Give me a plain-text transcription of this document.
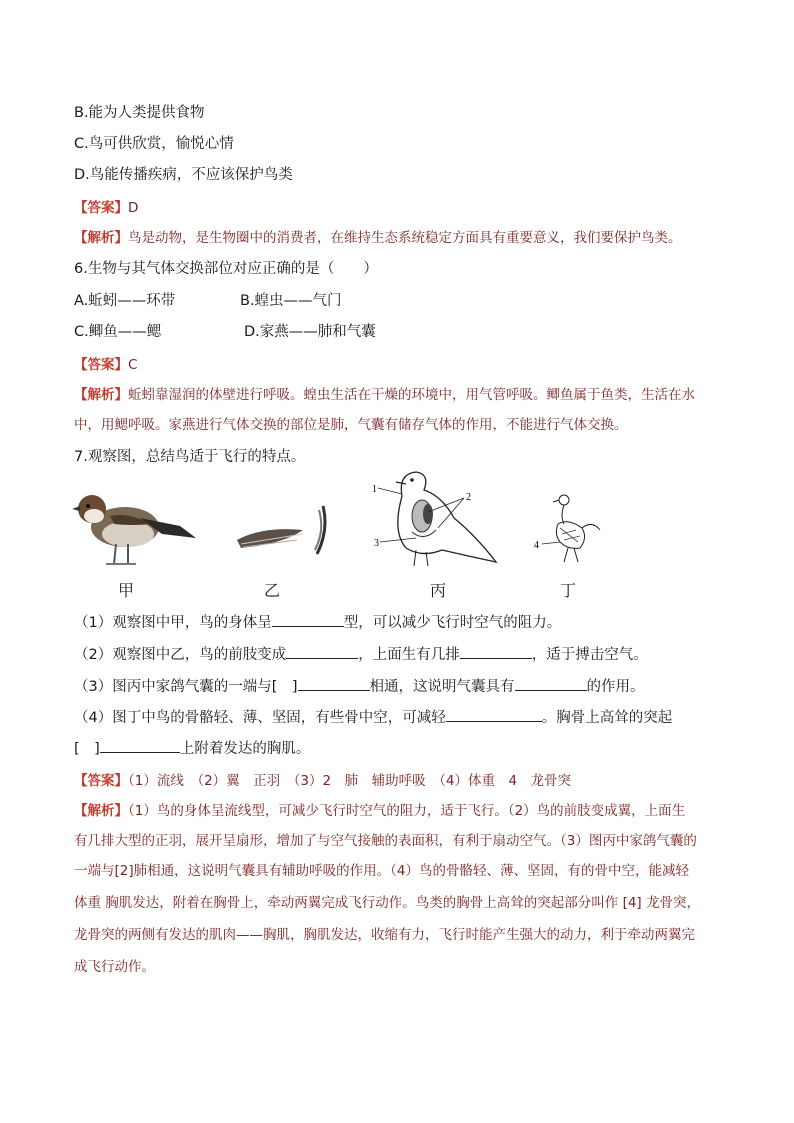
B.能为人类提供食物
C.鸟可供欣赏，愉悦心情
D.鸟能传播疾病，不应该保护鸟类
【答案】D
【解析】鸟是动物，是生物圈中的消费者，在维持生态系统稳定方面具有重要意义，我们要保护鸟类。
6.生物与其气体交换部位对应正确的是（　　）
A.蚯蚓——环带	B.蝗虫——气门
C.鲫鱼——鳃	D.家燕——肺和气囊
【答案】C
【解析】蚯蚓靠湿润的体壁进行呼吸。蝗虫生活在干燥的环境中，用气管呼吸。鲫鱼属于鱼类，生活在水
中，用鳃呼吸。家燕进行气体交换的部位是肺，气囊有储存气体的作用，不能进行气体交换。
7.观察图，总结鸟适于飞行的特点。
1
2
3	4
甲	乙	丙	丁
（1）观察图中甲，鸟的身体呈	型，可以减少飞行时空气的阻力。
（2）观察图中乙，鸟的前肢变成	，上面生有几排	，适于搏击空气。
（3）图丙中家鸽气囊的一端与[　]	相通，这说明气囊具有	的作用。
（4）图丁中鸟的骨骼轻、薄、坚固，有些骨中空，可减轻	。胸骨上高耸的突起
[　]	上附着发达的胸肌。
【答案】（1）流线　（2）翼　正羽　（3）2　肺　辅助呼吸　（4）体重　4　龙骨突
【解析】（1）鸟的身体呈流线型，可减少飞行时空气的阻力，适于飞行。（2）鸟的前肢变成翼，上面生
有几排大型的正羽，展开呈扇形，增加了与空气接触的表面积，有利于扇动空气。（3）图丙中家鸽气囊的
一端与[2]肺相通，这说明气囊具有辅助呼吸的作用。（4）鸟的骨骼轻、薄、坚固，有的骨中空，能减轻
体重 胸肌发达，附着在胸骨上，牵动两翼完成飞行动作。鸟类的胸骨上高耸的突起部分叫作 [4] 龙骨突，
龙骨突的两侧有发达的肌肉——胸肌，胸肌发达，收缩有力，飞行时能产生强大的动力，利于牵动两翼完
成飞行动作。
